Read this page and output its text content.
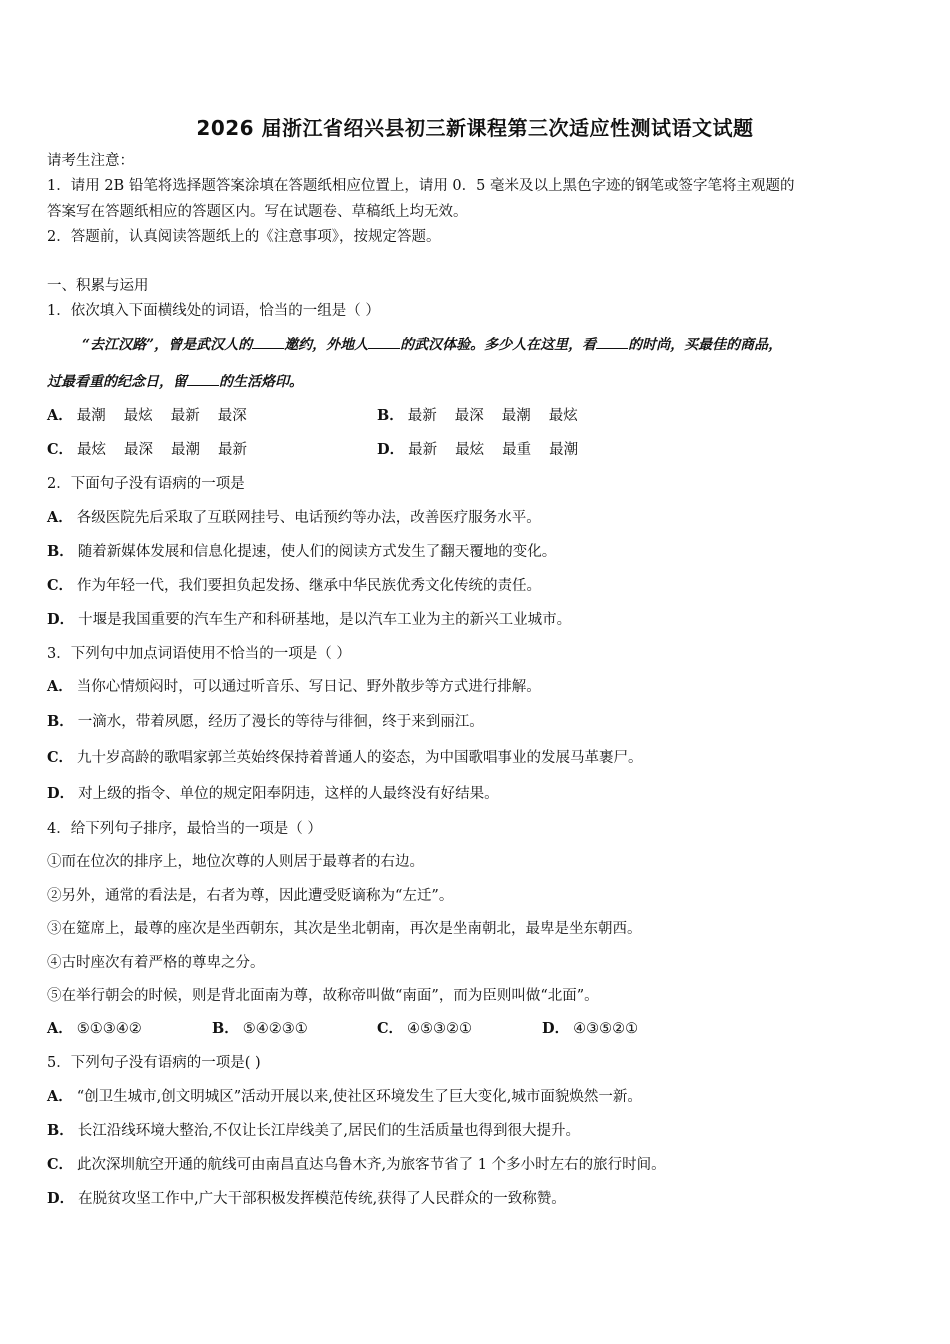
2026 届浙江省绍兴县初三新课程第三次适应性测试语文试题
请考生注意：
1．请用 2B 铅笔将选择题答案涂填在答题纸相应位置上，请用 0．5 毫米及以上黑色字迹的钢笔或签字笔将主观题的
答案写在答题纸相应的答题区内。写在试题卷、草稿纸上均无效。
2．答题前，认真阅读答题纸上的《注意事项》，按规定答题。
一、积累与运用
1．依次填入下面横线处的词语，恰当的一组是（ ）
“去江汉路”，曾是武汉人的 邀约，外地人 的武汉体验。多少人在这里，看 的时尚，买最佳的商品，
过最看重的纪念日，留 的生活烙印。
A． 最潮 最炫 最新 最深	B． 最新 最深 最潮 最炫
C． 最炫 最深 最潮 最新	D． 最新 最炫 最重 最潮
2．下面句子没有语病的一项是
A． 各级医院先后采取了互联网挂号、电话预约等办法，改善医疗服务水平。
B． 随着新媒体发展和信息化提速，使人们的阅读方式发生了翻天覆地的变化。
C． 作为年轻一代，我们要担负起发扬、继承中华民族优秀文化传统的责任。
D． 十堰是我国重要的汽车生产和科研基地，是以汽车工业为主的新兴工业城市。
3．下列句中加点词语使用不恰当的一项是（ ）
A． 当你心情烦闷时，可以通过听音乐、写日记、野外散步等方式进行排解。
B． 一滴水，带着夙愿，经历了漫长的等待与徘徊，终于来到丽江。
C． 九十岁高龄的歌唱家郭兰英始终保持着普通人的姿态，为中国歌唱事业的发展马革裹尸。
D． 对上级的指令、单位的规定阳奉阴违，这样的人最终没有好结果。
4．给下列句子排序，最恰当的一项是（ ）
①而在位次的排序上，地位次尊的人则居于最尊者的右边。
②另外，通常的看法是，右者为尊，因此遭受贬谪称为“左迁”。
③在筵席上，最尊的座次是坐西朝东，其次是坐北朝南，再次是坐南朝北，最卑是坐东朝西。
④古时座次有着严格的尊卑之分。
⑤在举行朝会的时候，则是背北面南为尊，故称帝叫做“南面”，而为臣则叫做“北面”。
A． ⑤①③④②	B． ⑤④②③①	C． ④⑤③②①	D． ④③⑤②①
5．下列句子没有语病的一项是( )
A． “创卫生城市,创文明城区”活动开展以来,使社区环境发生了巨大变化,城市面貌焕然一新。
B． 长江沿线环境大整治,不仅让长江岸线美了,居民们的生活质量也得到很大提升。
C． 此次深圳航空开通的航线可由南昌直达乌鲁木齐,为旅客节省了 1 个多小时左右的旅行时间。
D． 在脱贫攻坚工作中,广大干部积极发挥模范传统,获得了人民群众的一致称赞。
